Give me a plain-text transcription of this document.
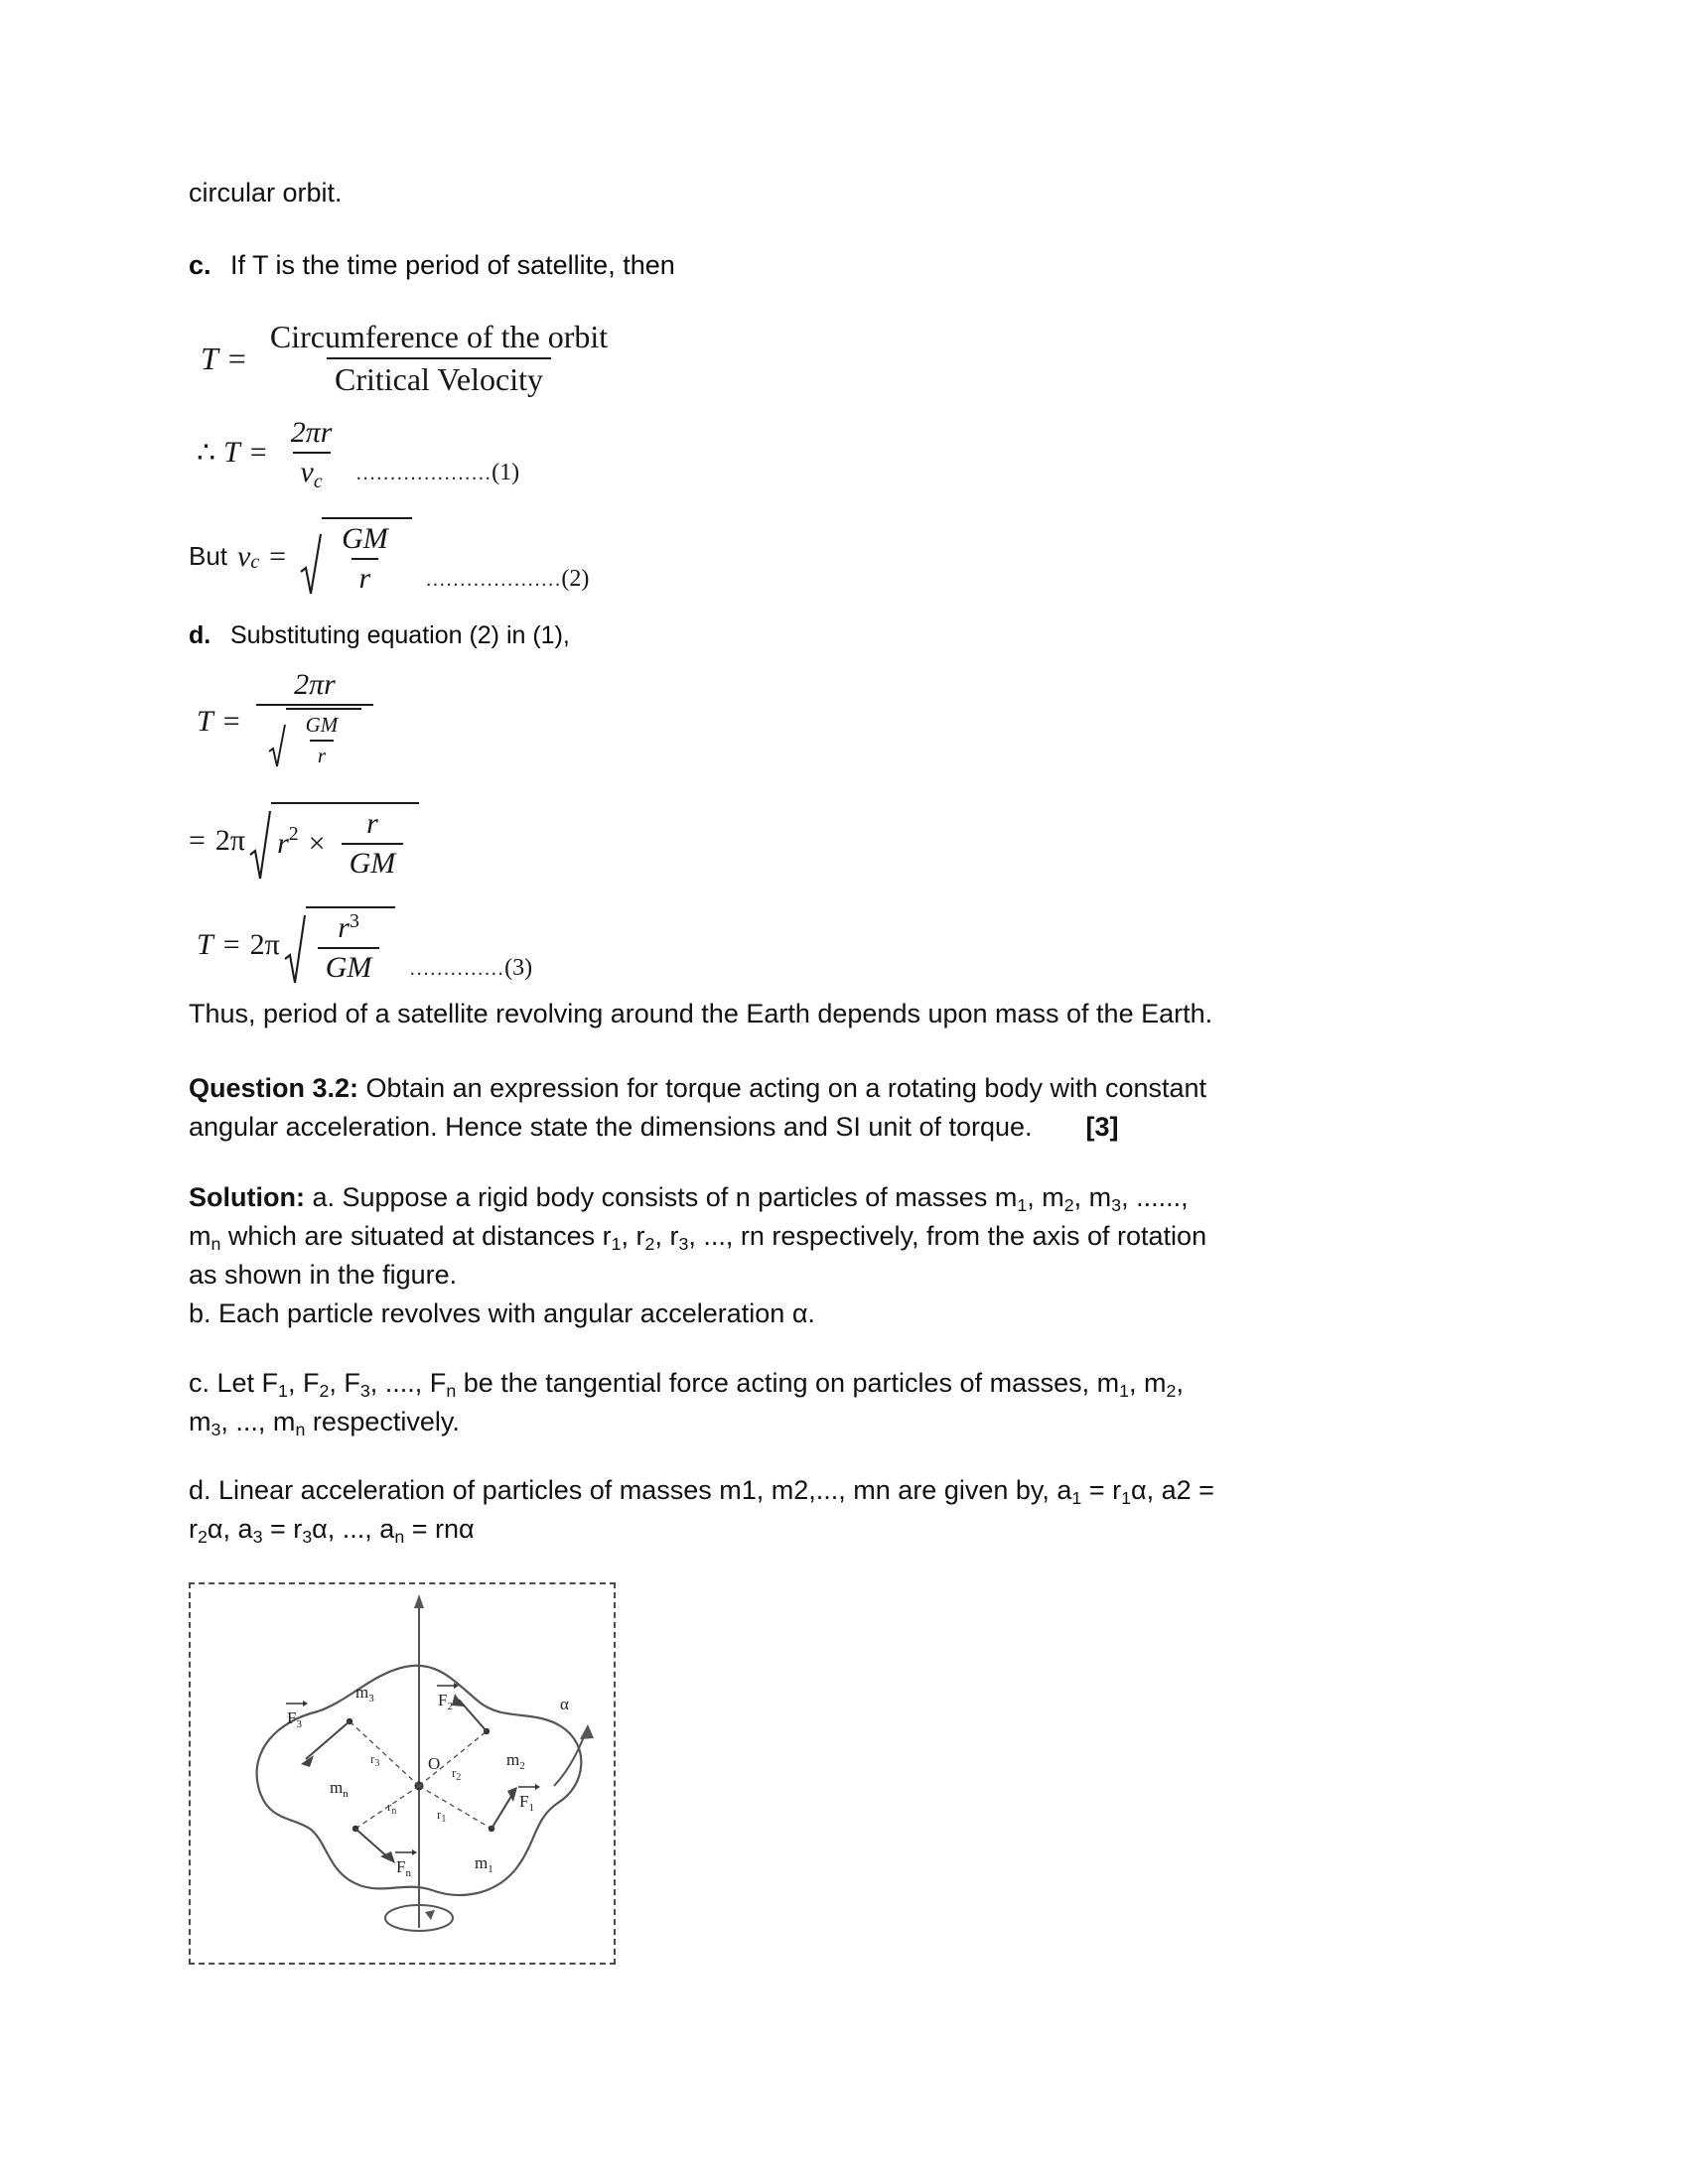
circular orbit.

c. If T is the time period of satellite, then
$T = \frac{\text{Circumference of the orbit}}{\text{Critical Velocity}}$
∴ $T = \frac{2\pi r}{v_c}$ .................... (1)
But $v_c = \frac{GM}{r}$ .................... (2)
d. Substituting equation (2) in (1),
$T = \frac{2\pi r}{\frac{GM}{r}}$
= 2π $r^2 \times \frac{r}{GM}$
$T = 2\pi \frac{r^3}{GM}$ .............. (3)

Thus, period of a satellite revolving around the Earth depends upon mass of the Earth.

Question 3.2: Obtain an expression for torque acting on a rotating body with constant

angular acceleration. Hence state the dimensions and SI unit of torque. [3]

Solution: a. Suppose a rigid body consists of n particles of masses $m_1$, $m_2$, $m_3$, ......,

$m_n$ which are situated at distances $r_1$, $r_2$, $r_3$, ..., rn respectively, from the axis of rotation

as shown in the figure.

b. Each particle revolves with angular acceleration α.

c. Let $F_1$, $F_2$, $F_3$, ...., $F_n$ be the tangential force acting on particles of masses, $m_1$, $m_2$,

$m_3$, ..., $m_n$ respectively.

d. Linear acceleration of particles of masses m1, m2,..., mn are given by, $a_1 = r_1\alpha$, a2 =

$r_2\alpha$, $a_3 = r_3\alpha$, ..., $a_n = rn\alpha$

O
$m_3$
$m_2$
$m_1$
$m_n$
$r_3$
$r_2$
$r_1$
$r_n$
$F_3$
$F_2$
$F_1$
$F_n$
α
